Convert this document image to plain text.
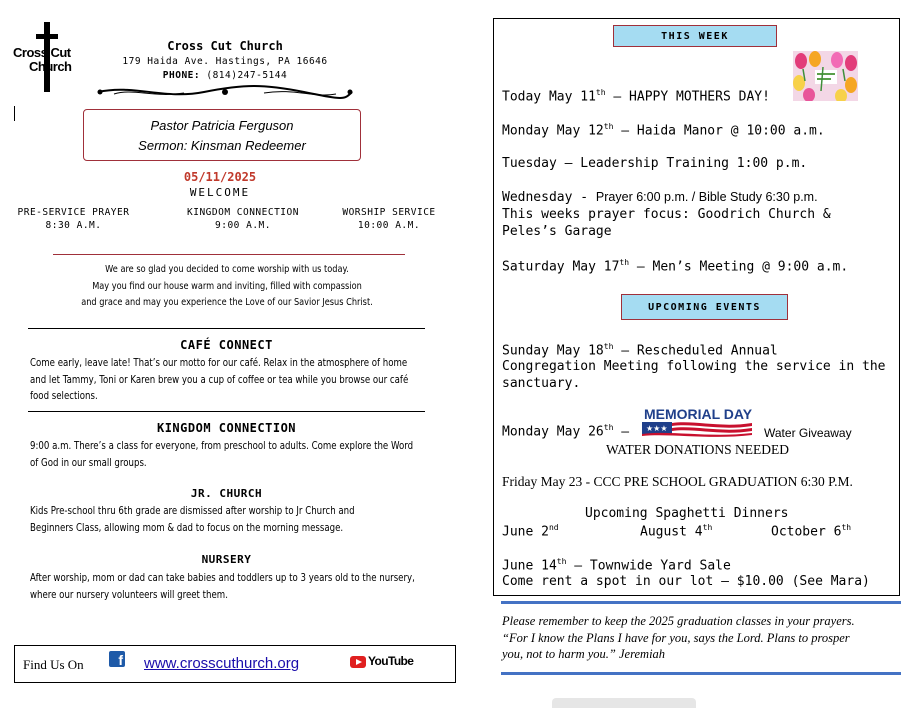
Cross Cut
Church
Cross Cut Church
179 Haida Ave. Hastings, PA 16646
PHONE: (814)247-5144
Pastor Patricia Ferguson
Sermon: Kinsman Redeemer
05/11/2025
WELCOME
PRE-SERVICE PRAYER
8:30 A.M.
KINGDOM CONNECTION
9:00 A.M.
WORSHIP SERVICE
10:00 A.M.
We are so glad you decided to come worship with us today.
May you find our house warm and inviting, filled with compassion
and grace and may you experience the Love of our Savior Jesus Christ.
CAFÉ CONNECT
Come early, leave late! That’s our motto for our café. Relax in the atmosphere of home
and let Tammy, Toni or Karen brew you a cup of coffee or tea while you browse our café
food selections.
KINGDOM CONNECTION
9:00 a.m. There’s a class for everyone, from preschool to adults. Come explore the Word
of God in our small groups.
JR. CHURCH
Kids Pre-school thru 6th grade are dismissed after worship to Jr Church and
Beginners Class, allowing mom & dad to focus on the morning message.
NURSERY
After worship, mom or dad can take babies and toddlers up to 3 years old to the nursery,
where our nursery volunteers will greet them.
Find Us On	f www.crosscuthurch.org	YouTube
THIS WEEK
Today May 11th – HAPPY MOTHERS DAY!
Monday May 12th – Haida Manor @ 10:00 a.m.
Tuesday – Leadership Training 1:00 p.m.
Wednesday - Prayer 6:00 p.m. / Bible Study 6:30 p.m.
This weeks prayer focus: Goodrich Church &
Peles’s Garage
Saturday May 17th – Men’s Meeting @ 9:00 a.m.
UPCOMING EVENTS
Sunday May 18th – Rescheduled Annual
Congregation Meeting following the service in the
sanctuary.
Monday May 26th –
MEMORIAL DAY
★★★	Water Giveaway
WATER DONATIONS NEEDED
Friday May 23 - CCC PRE SCHOOL GRADUATION 6:30 P.M.
Upcoming Spaghetti Dinners
June 2nd	August 4th	October 6th
June 14th – Townwide Yard Sale
Come rent a spot in our lot – $10.00 (See Mara)
Please remember to keep the 2025 graduation classes in your prayers.
“For I know the Plans I have for you, says the Lord. Plans to prosper
you, not to harm you.” Jeremiah
